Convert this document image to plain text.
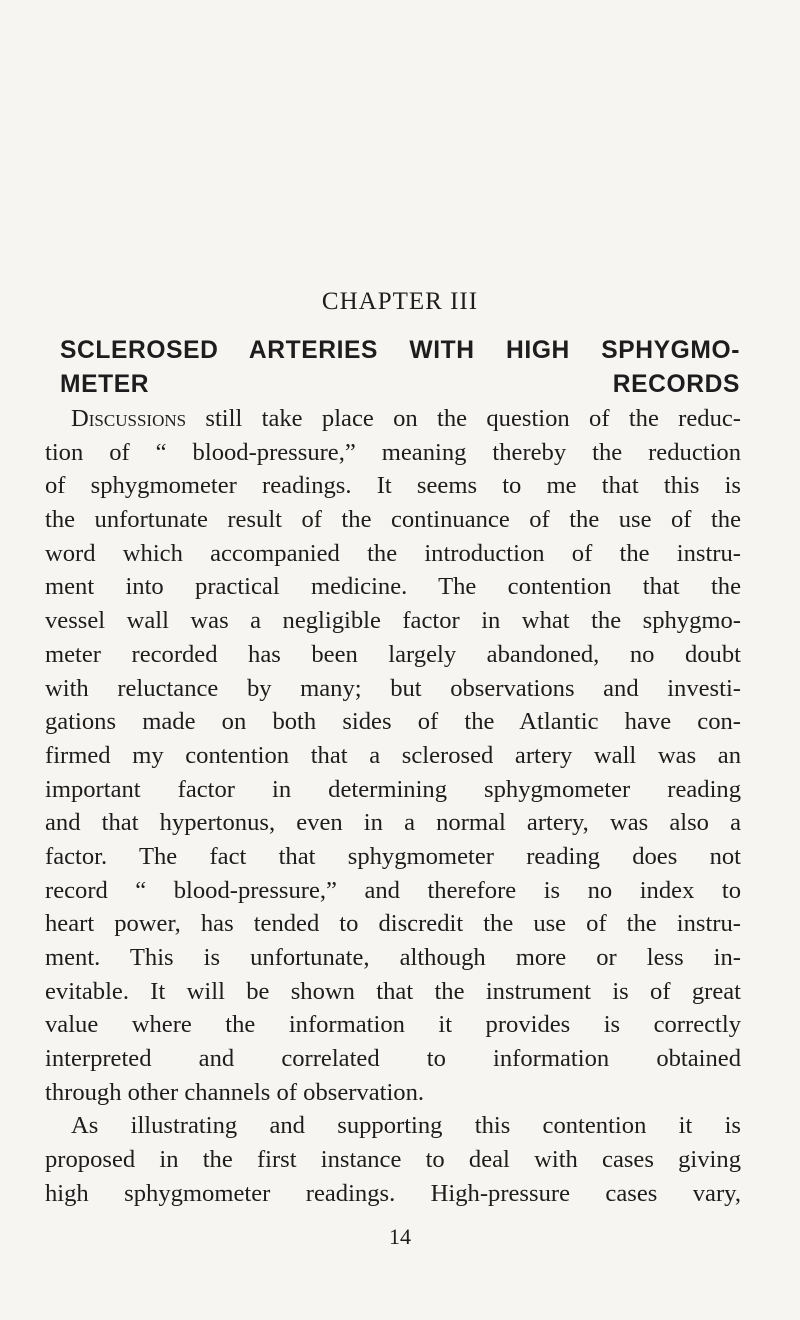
CHAPTER III
SCLEROSED ARTERIES WITH HIGH SPHYGMO-
METER RECORDS
Discussions still take place on the question of the reduc-
tion of “ blood-pressure,” meaning thereby the reduction
of sphygmometer readings. It seems to me that this is
the unfortunate result of the continuance of the use of the
word which accompanied the introduction of the instru-
ment into practical medicine. The contention that the
vessel wall was a negligible factor in what the sphygmo-
meter recorded has been largely abandoned, no doubt
with reluctance by many; but observations and investi-
gations made on both sides of the Atlantic have con-
firmed my contention that a sclerosed artery wall was an
important factor in determining sphygmometer reading
and that hypertonus, even in a normal artery, was also a
factor. The fact that sphygmometer reading does not
record “ blood-pressure,” and therefore is no index to
heart power, has tended to discredit the use of the instru-
ment. This is unfortunate, although more or less in-
evitable. It will be shown that the instrument is of great
value where the information it provides is correctly
interpreted and correlated to information obtained
through other channels of observation.
As illustrating and supporting this contention it is
proposed in the first instance to deal with cases giving
high sphygmometer readings. High-pressure cases vary,
14
